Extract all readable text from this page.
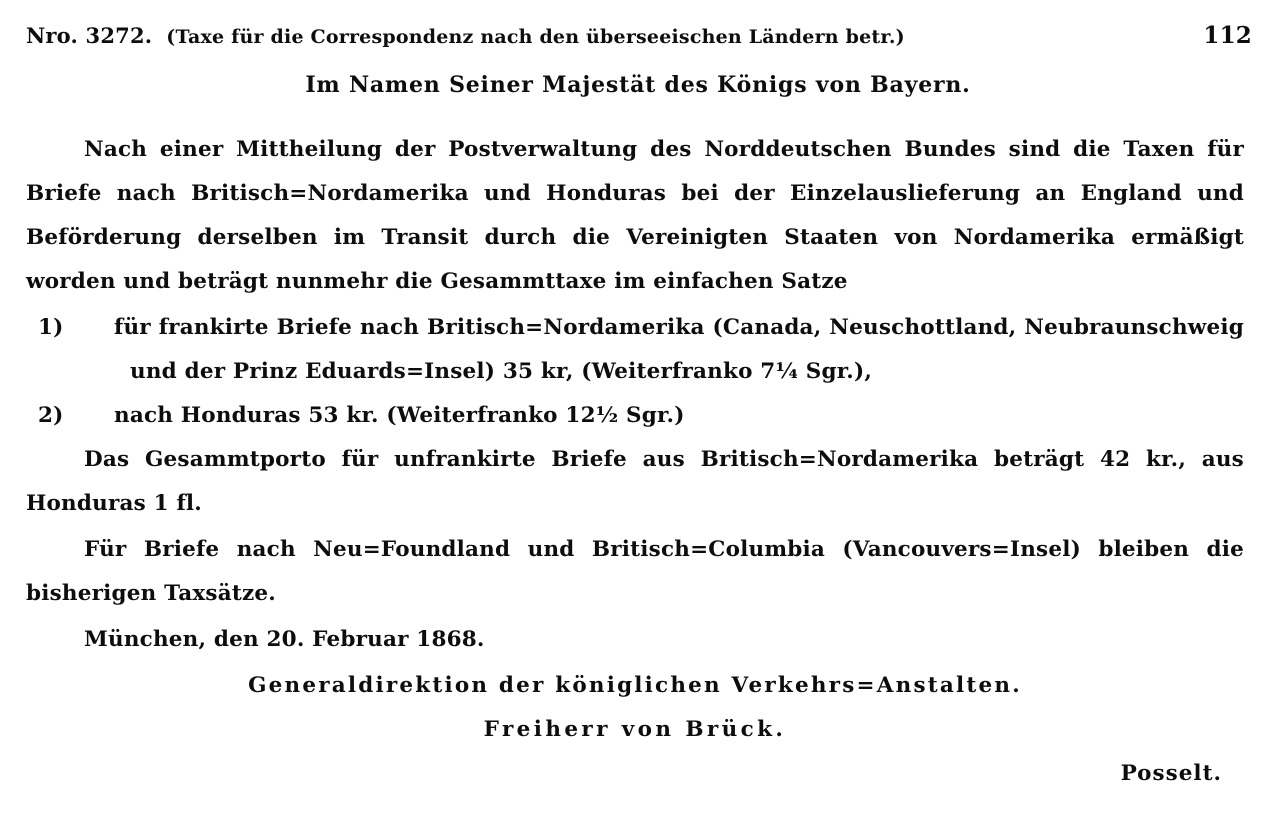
Nro. 3272. (Taxe für die Correspondenz nach den überseeischen Ländern betr.)	112
Im Namen Seiner Majestät des Königs von Bayern.

Nach einer Mittheilung der Postverwaltung des Norddeutschen Bundes sind die Taxen für Briefe nach Britisch=Nordamerika und Honduras bei der Einzelauslieferung an England und Beförderung derselben im Transit durch die Vereinigten Staaten von Nordamerika ermäßigt worden und beträgt nunmehr die Gesammttaxe im einfachen Satze

1) für frankirte Briefe nach Britisch=Nordamerika (Canada, Neuschottland, Neubraunschweig und der Prinz Eduards=Insel) 35 kr, (Weiterfranko 7¼ Sgr.),
2) nach Honduras 53 kr. (Weiterfranko 12½ Sgr.)

Das Gesammtporto für unfrankirte Briefe aus Britisch=Nordamerika beträgt 42 kr., aus Honduras 1 fl.

Für Briefe nach Neu=Foundland und Britisch=Columbia (Vancouvers=Insel) bleiben die bisherigen Taxsätze.

München, den 20. Februar 1868.
Generaldirektion der königlichen Verkehrs=Anstalten.
Freiherr von Brück.
Posselt.
